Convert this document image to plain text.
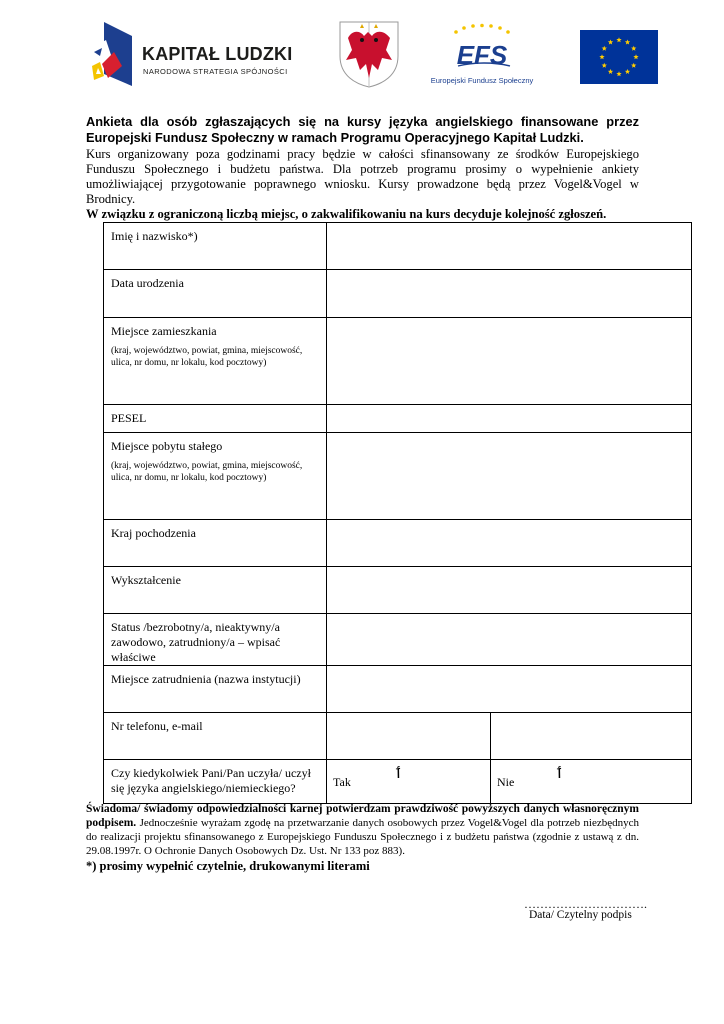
KAPITAŁ LUDZKI
NARODOWA STRATEGIA SPÓJNOŚCI
EFS
Europejski Fundusz Społeczny

Ankieta dla osób zgłaszających się na kursy języka angielskiego finansowane przez Europejski Fundusz Społeczny w ramach Programu Operacyjnego Kapitał Ludzki.

Kurs organizowany poza godzinami pracy będzie w całości sfinansowany ze środków Europejskiego Funduszu Społecznego i budżetu państwa. Dla potrzeb programu prosimy o wypełnienie ankiety umożliwiającej przygotowanie poprawnego wniosku. Kursy prowadzone będą przez Vogel&Vogel w Brodnicy.

W związku z ograniczoną liczbą miejsc, o zakwalifikowaniu na kurs decyduje kolejność zgłoszeń.

Imię i nazwisko*)		

Data urodzenia		

Miejsce zamieszkania
(kraj, województwo, powiat, gmina, miejscowość, ulica, nr domu, nr lokalu, kod pocztowy)		

PESEL		

Miejsce pobytu stałego
(kraj, województwo, powiat, gmina, miejscowość, ulica, nr domu, nr lokalu, kod pocztowy)		

Kraj pochodzenia		

Wykształcenie		

Status /bezrobotny/a, nieaktywny/a zawodowo, zatrudniony/a – wpisać właściwe		

Miejsce zatrudnienia (nazwa instytucji)		

Nr telefonu, e-mail		

Czy kiedykolwiek Pani/Pan uczyła/ uczył się języka angielskiego/niemieckiego?	Tak ٲ	Nie ٲ

Świadoma/ świadomy odpowiedzialności karnej potwierdzam prawdziwość powyższych danych własnoręcznym podpisem. Jednocześnie wyrażam zgodę na przetwarzanie danych osobowych przez Vogel&Vogel dla potrzeb niezbędnych do realizacji projektu sfinansowanego z Europejskiego Funduszu Społecznego i z budżetu państwa (zgodnie z ustawą z dn. 29.08.1997r. O Ochronie Danych Osobowych Dz. Ust. Nr 133 poz 883).

*) prosimy wypełnić czytelnie, drukowanymi literami

………………………….
Data/ Czytelny podpis
